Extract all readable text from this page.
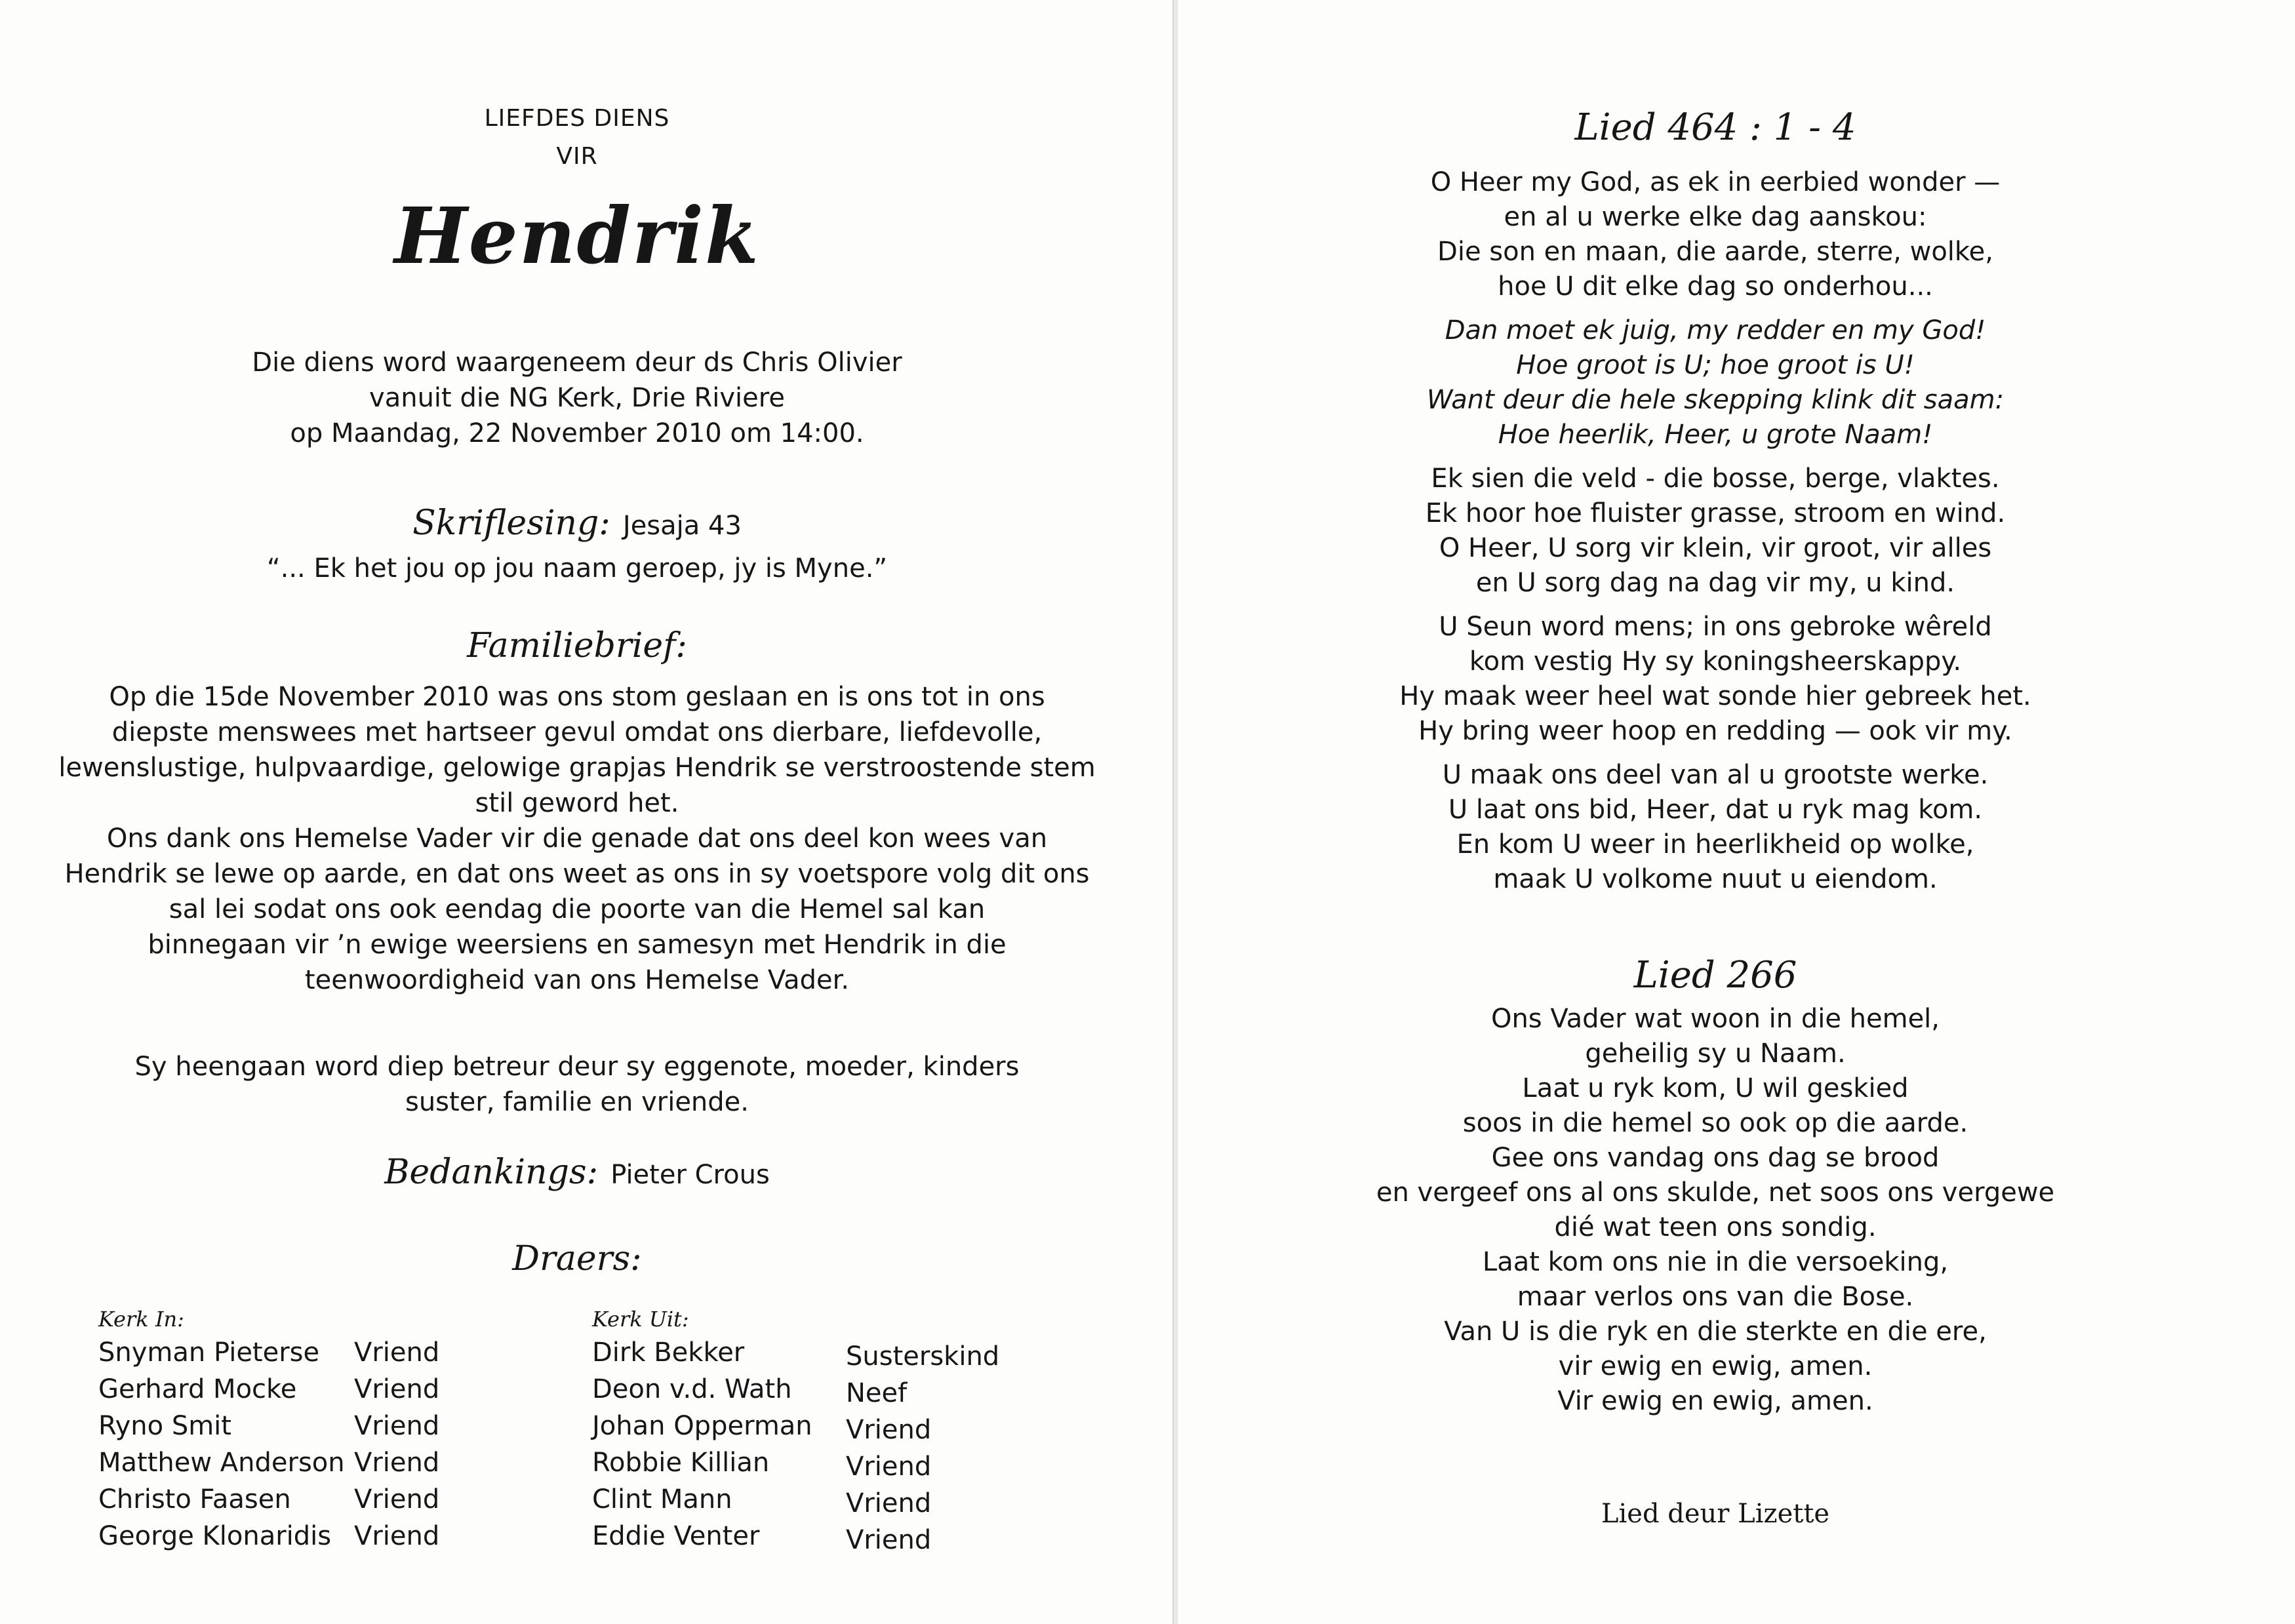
LIEFDES DIENS
VIR
Hendrik
Die diens word waargeneem deur ds Chris Olivier
vanuit die NG Kerk, Drie Riviere
op Maandag, 22 November 2010 om 14:00.
Skriflesing: Jesaja 43
“... Ek het jou op jou naam geroep, jy is Myne.”
Familiebrief:
Op die 15de November 2010 was ons stom geslaan en is ons tot in ons
diepste menswees met hartseer gevul omdat ons dierbare, liefdevolle,
lewenslustige, hulpvaardige, gelowige grapjas Hendrik se verstroostende stem
stil geword het.
Ons dank ons Hemelse Vader vir die genade dat ons deel kon wees van
Hendrik se lewe op aarde, en dat ons weet as ons in sy voetspore volg dit ons
sal lei sodat ons ook eendag die poorte van die Hemel sal kan
binnegaan vir ’n ewige weersiens en samesyn met Hendrik in die
teenwoordigheid van ons Hemelse Vader.
Sy heengaan word diep betreur deur sy eggenote, moeder, kinders
suster, familie en vriende.
Bedankings: Pieter Crous
Draers:
Kerk In:
Snyman Pieterse Vriend
Gerhard Mocke Vriend
Ryno Smit	Vriend
Matthew Anderson Vriend
Christo Faasen Vriend
George Klonaridis Vriend
Kerk Uit:
Dirk Bekker	Susterskind
Deon v.d. Wath Neef
Johan Opperman Vriend
Robbie Killian	Vriend
Clint Mann	Vriend
Eddie Venter	Vriend
Lied 464 : 1 - 4
O Heer my God, as ek in eerbied wonder —
en al u werke elke dag aanskou:
Die son en maan, die aarde, sterre, wolke,
hoe U dit elke dag so onderhou...
Dan moet ek juig, my redder en my God!
Hoe groot is U; hoe groot is U!
Want deur die hele skepping klink dit saam:
Hoe heerlik, Heer, u grote Naam!
Ek sien die veld - die bosse, berge, vlaktes.
Ek hoor hoe fluister grasse, stroom en wind.
O Heer, U sorg vir klein, vir groot, vir alles
en U sorg dag na dag vir my, u kind.
U Seun word mens; in ons gebroke wêreld
kom vestig Hy sy koningsheerskappy.
Hy maak weer heel wat sonde hier gebreek het.
Hy bring weer hoop en redding — ook vir my.
U maak ons deel van al u grootste werke.
U laat ons bid, Heer, dat u ryk mag kom.
En kom U weer in heerlikheid op wolke,
maak U volkome nuut u eiendom.
Lied 266
Ons Vader wat woon in die hemel,
geheilig sy u Naam.
Laat u ryk kom, U wil geskied
soos in die hemel so ook op die aarde.
Gee ons vandag ons dag se brood
en vergeef ons al ons skulde, net soos ons vergewe
dié wat teen ons sondig.
Laat kom ons nie in die versoeking,
maar verlos ons van die Bose.
Van U is die ryk en die sterkte en die ere,
vir ewig en ewig, amen.
Vir ewig en ewig, amen.
Lied deur Lizette
